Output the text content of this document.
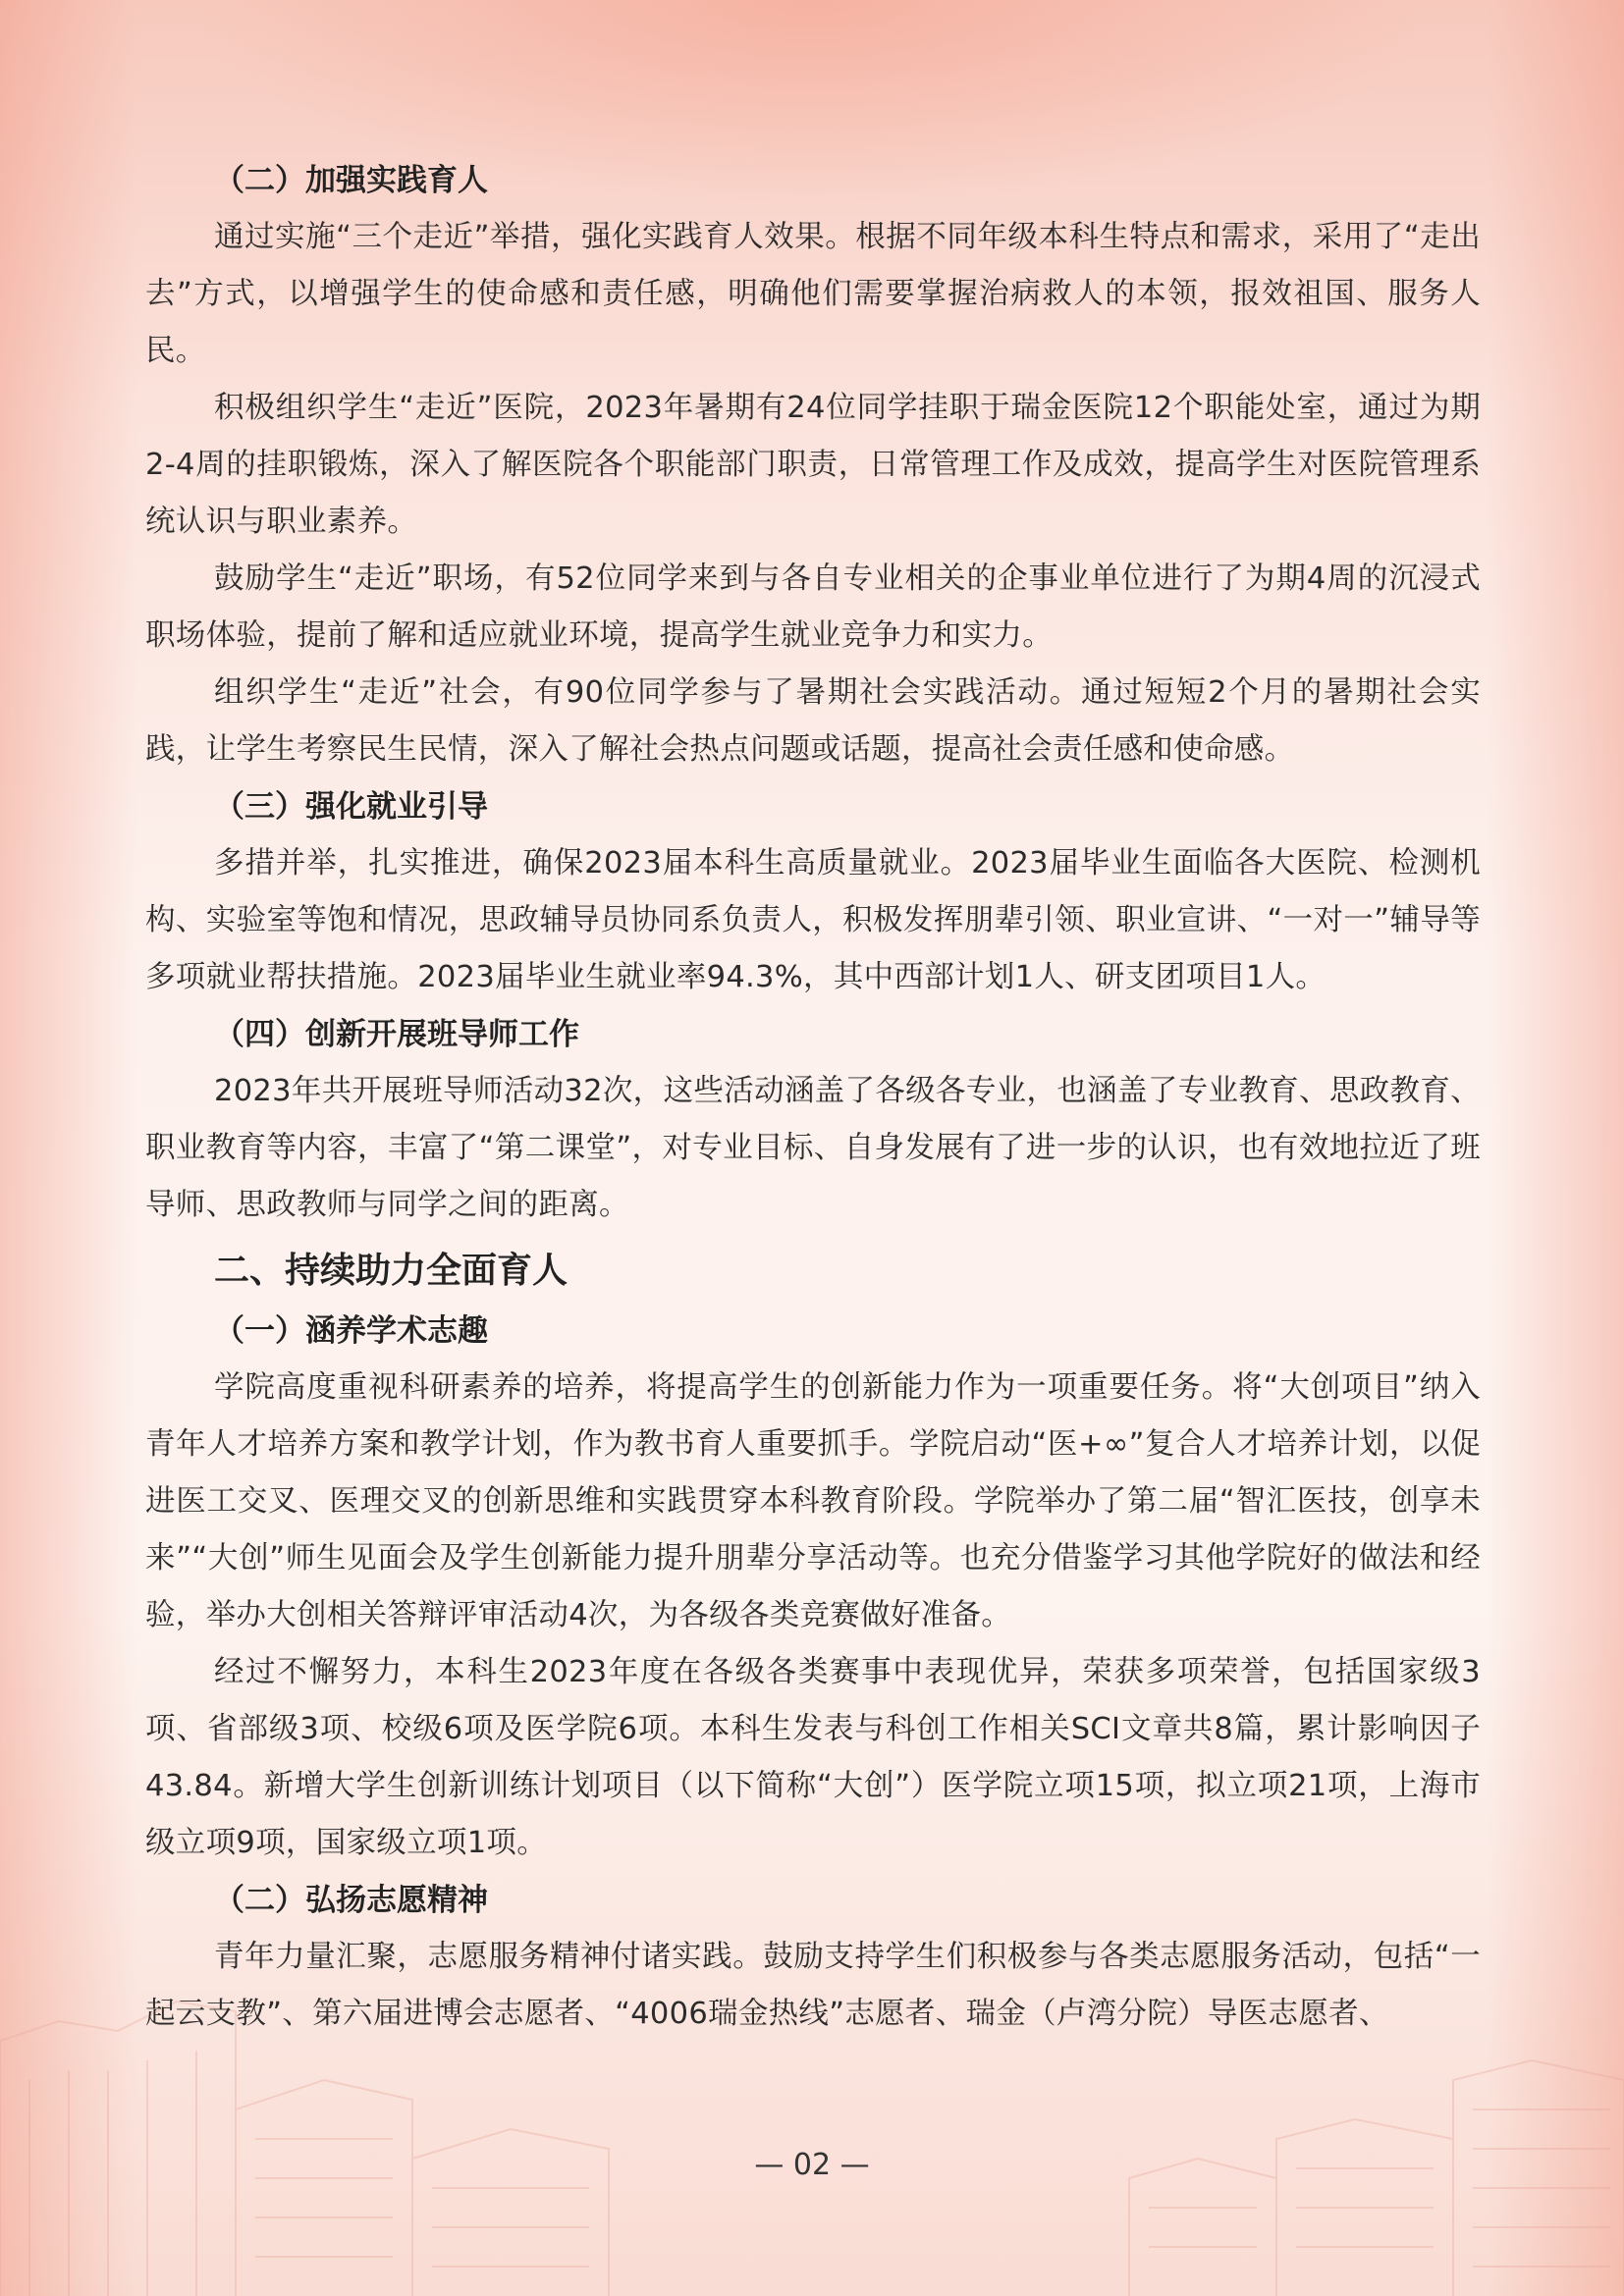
（二）加强实践育人

通过实施“三个走近”举措，强化实践育人效果。根据不同年级本科生特点和需求，采用了“走出去”方式，以增强学生的使命感和责任感，明确他们需要掌握治病救人的本领，报效祖国、服务人民。

积极组织学生“走近”医院，2023年暑期有24位同学挂职于瑞金医院12个职能处室，通过为期2-4周的挂职锻炼，深入了解医院各个职能部门职责，日常管理工作及成效，提高学生对医院管理系统认识与职业素养。

鼓励学生“走近”职场，有52位同学来到与各自专业相关的企事业单位进行了为期4周的沉浸式职场体验，提前了解和适应就业环境，提高学生就业竞争力和实力。

组织学生“走近”社会，有90位同学参与了暑期社会实践活动。通过短短2个月的暑期社会实践，让学生考察民生民情，深入了解社会热点问题或话题，提高社会责任感和使命感。

（三）强化就业引导

多措并举，扎实推进，确保2023届本科生高质量就业。2023届毕业生面临各大医院、检测机构、实验室等饱和情况，思政辅导员协同系负责人，积极发挥朋辈引领、职业宣讲、“一对一”辅导等多项就业帮扶措施。2023届毕业生就业率94.3%，其中西部计划1人、研支团项目1人。

（四）创新开展班导师工作

2023年共开展班导师活动32次，这些活动涵盖了各级各专业，也涵盖了专业教育、思政教育、职业教育等内容，丰富了“第二课堂”，对专业目标、自身发展有了进一步的认识，也有效地拉近了班导师、思政教师与同学之间的距离。

二、持续助力全面育人
（一）涵养学术志趣

学院高度重视科研素养的培养，将提高学生的创新能力作为一项重要任务。将“大创项目”纳入青年人才培养方案和教学计划，作为教书育人重要抓手。学院启动“医+∞”复合人才培养计划，以促进医工交叉、医理交叉的创新思维和实践贯穿本科教育阶段。学院举办了第二届“智汇医技，创享未来”“大创”师生见面会及学生创新能力提升朋辈分享活动等。也充分借鉴学习其他学院好的做法和经验，举办大创相关答辩评审活动4次，为各级各类竞赛做好准备。

经过不懈努力，本科生2023年度在各级各类赛事中表现优异，荣获多项荣誉，包括国家级3项、省部级3项、校级6项及医学院6项。本科生发表与科创工作相关SCI文章共8篇，累计影响因子43.84。新增大学生创新训练计划项目（以下简称“大创”）医学院立项15项，拟立项21项，上海市级立项9项，国家级立项1项。

（二）弘扬志愿精神

青年力量汇聚，志愿服务精神付诸实践。鼓励支持学生们积极参与各类志愿服务活动，包括“一起云支教”、第六届进博会志愿者、“4006瑞金热线”志愿者、瑞金（卢湾分院）导医志愿者、

— 02 —
